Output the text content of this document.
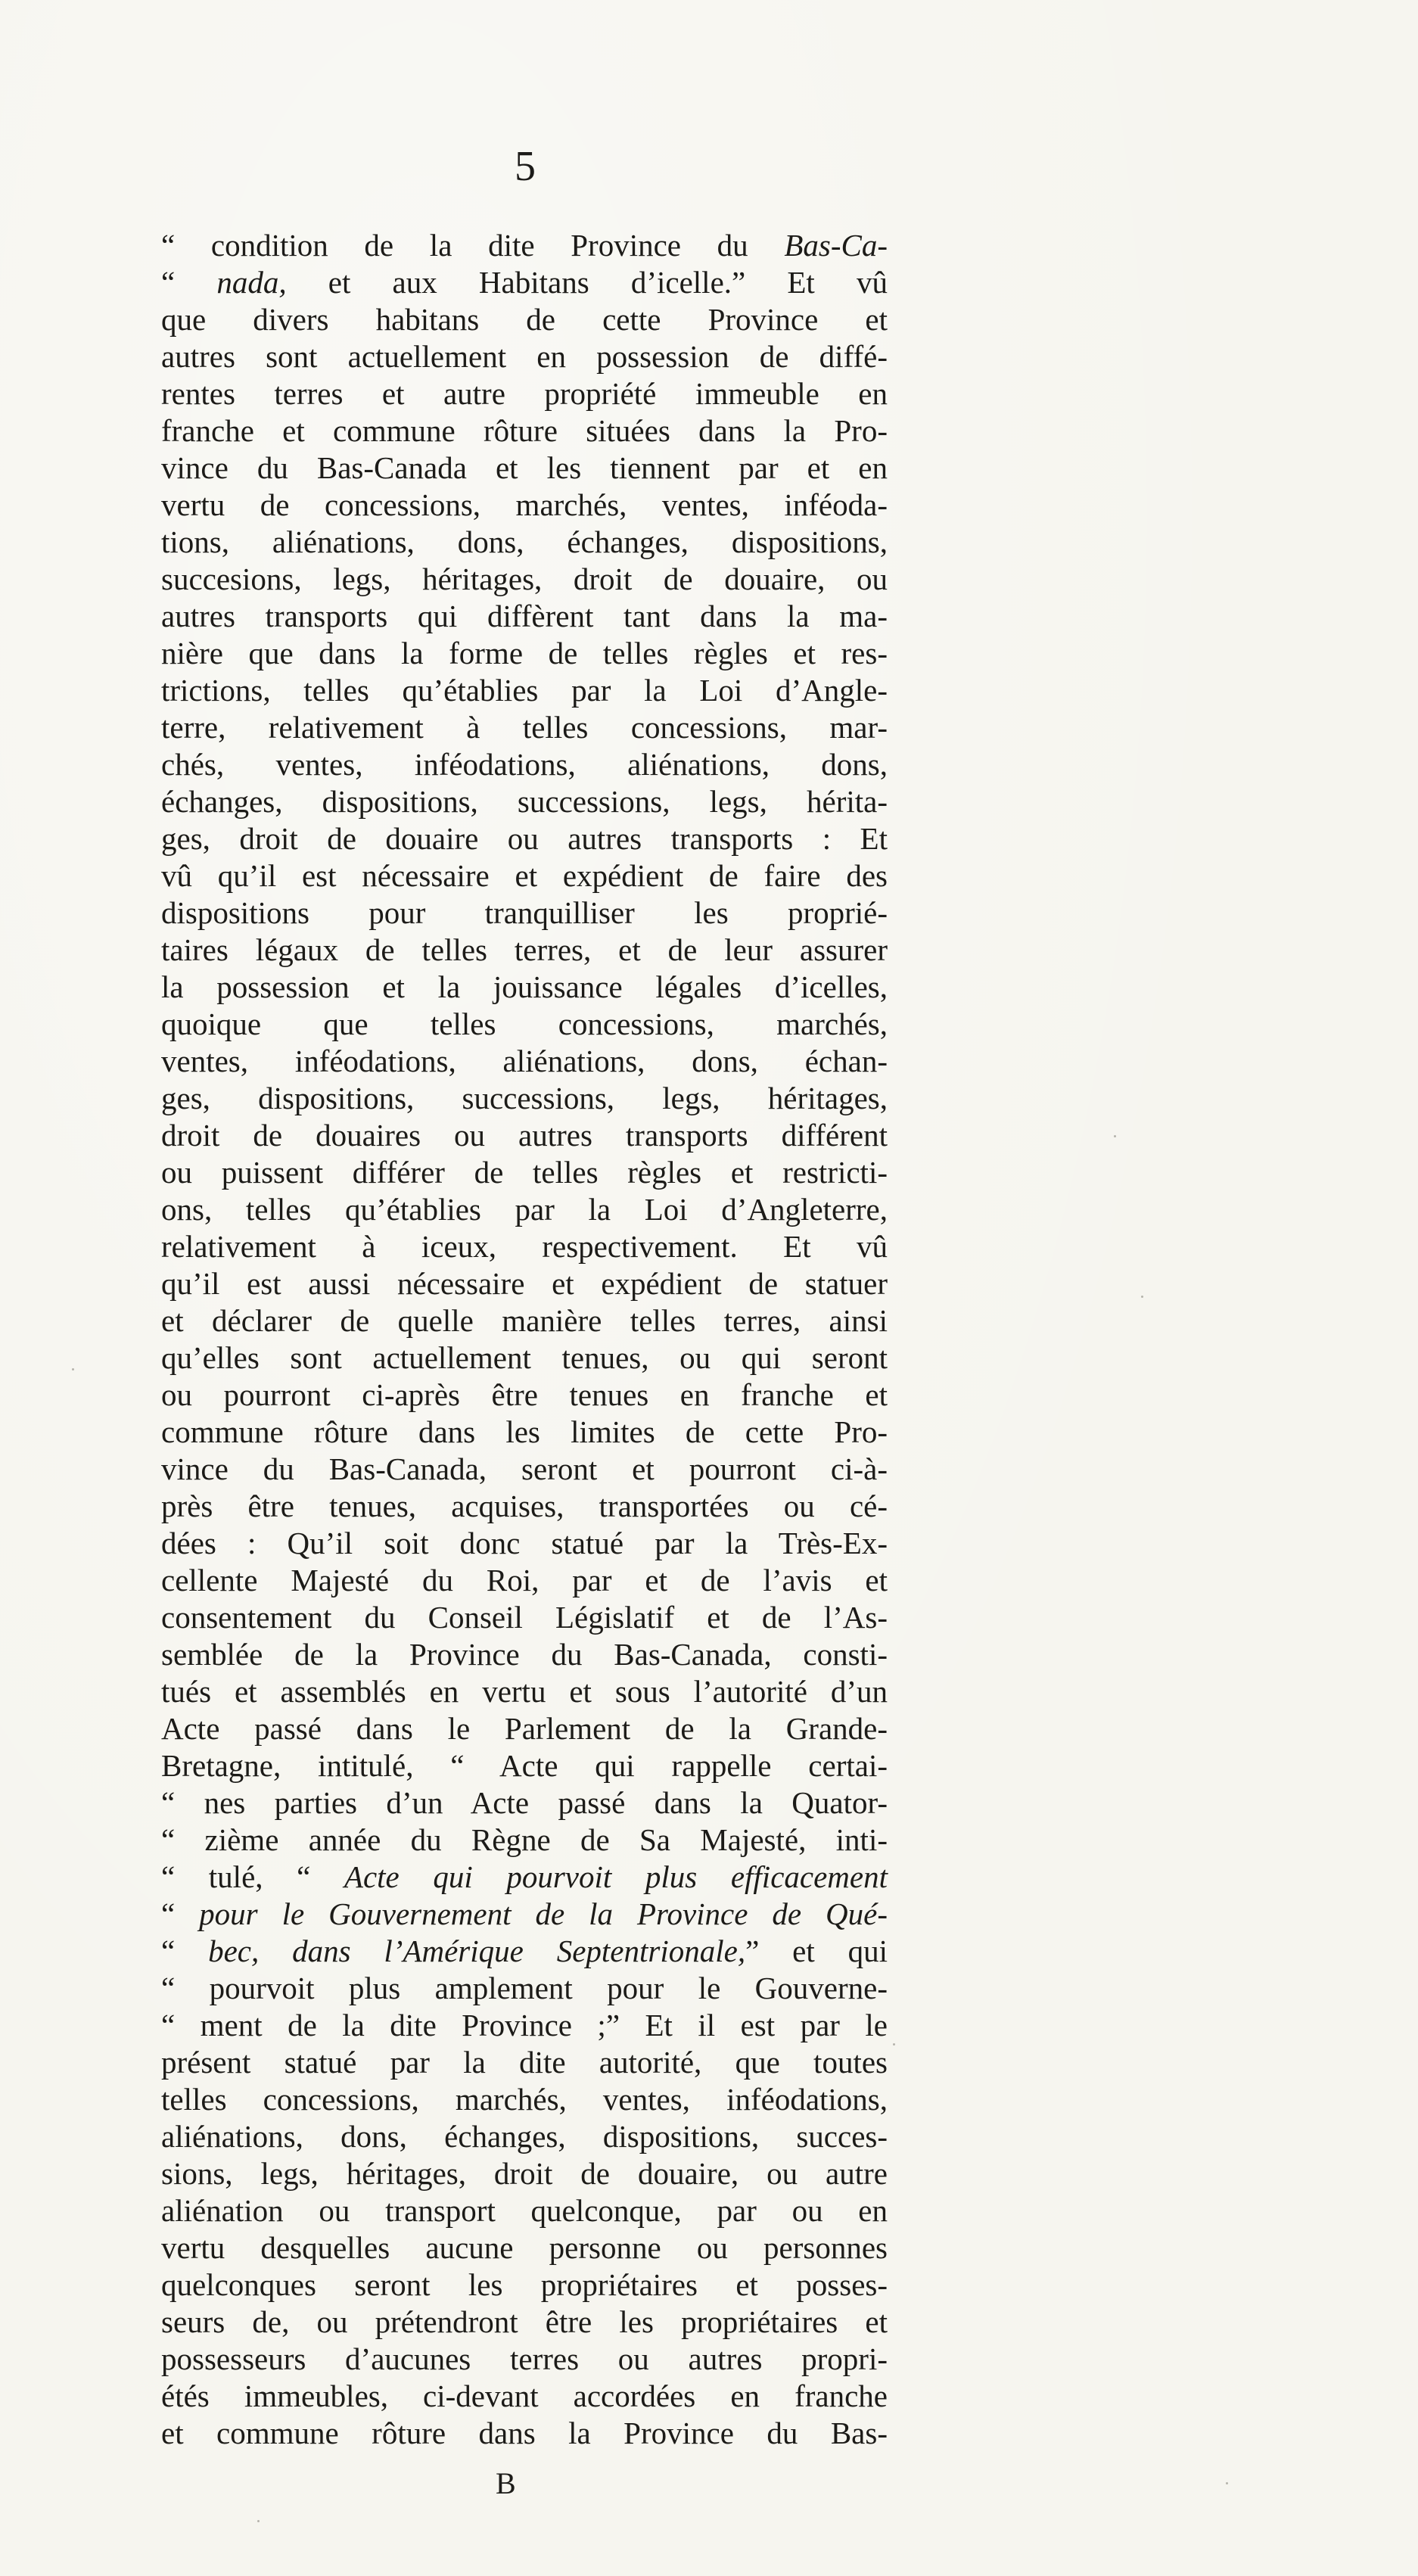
5
“ condition de la dite Province du Bas-Ca-
“ nada, et aux Habitans d’icelle.” Et vû
que divers habitans de cette Province et
autres sont actuellement en possession de diffé-
rentes terres et autre propriété immeuble en
franche et commune rôture situées dans la Pro-
vince du Bas-Canada et les tiennent par et en
vertu de concessions, marchés, ventes, inféoda-
tions, aliénations, dons, échanges, dispositions,
succesions, legs, héritages, droit de douaire, ou
autres transports qui diffèrent tant dans la ma-
nière que dans la forme de telles règles et res-
trictions, telles qu’établies par la Loi d’Angle-
terre, relativement à telles concessions, mar-
chés, ventes, inféodations, aliénations, dons,
échanges, dispositions, successions, legs, hérita-
ges, droit de douaire ou autres transports : Et
vû qu’il est nécessaire et expédient de faire des
dispositions pour tranquilliser les proprié-
taires légaux de telles terres, et de leur assurer
la possession et la jouissance légales d’icelles,
quoique que telles concessions, marchés,
ventes, inféodations, aliénations, dons, échan-
ges, dispositions, successions, legs, héritages,
droit de douaires ou autres transports différent
ou puissent différer de telles règles et restricti-
ons, telles qu’établies par la Loi d’Angleterre,
relativement à iceux, respectivement. Et vû
qu’il est aussi nécessaire et expédient de statuer
et déclarer de quelle manière telles terres, ainsi
qu’elles sont actuellement tenues, ou qui seront
ou pourront ci-après être tenues en franche et
commune rôture dans les limites de cette Pro-
vince du Bas-Canada, seront et pourront ci-à-
près être tenues, acquises, transportées ou cé-
dées : Qu’il soit donc statué par la Très-Ex-
cellente Majesté du Roi, par et de l’avis et
consentement du Conseil Législatif et de l’As-
semblée de la Province du Bas-Canada, consti-
tués et assemblés en vertu et sous l’autorité d’un
Acte passé dans le Parlement de la Grande-
Bretagne, intitulé, “ Acte qui rappelle certai-
“ nes parties d’un Acte passé dans la Quator-
“ zième année du Règne de Sa Majesté, inti-
“ tulé, “ Acte qui pourvoit plus efficacement
“ pour le Gouvernement de la Province de Qué-
“ bec, dans l’Amérique Septentrionale,” et qui
“ pourvoit plus amplement pour le Gouverne-
“ ment de la dite Province ;” Et il est par le
présent statué par la dite autorité, que toutes
telles concessions, marchés, ventes, inféodations,
aliénations, dons, échanges, dispositions, succes-
sions, legs, héritages, droit de douaire, ou autre
aliénation ou transport quelconque, par ou en
vertu desquelles aucune personne ou personnes
quelconques seront les propriétaires et posses-
seurs de, ou prétendront être les propriétaires et
possesseurs d’aucunes terres ou autres propri-
étés immeubles, ci-devant accordées en franche
et commune rôture dans la Province du Bas-
B
